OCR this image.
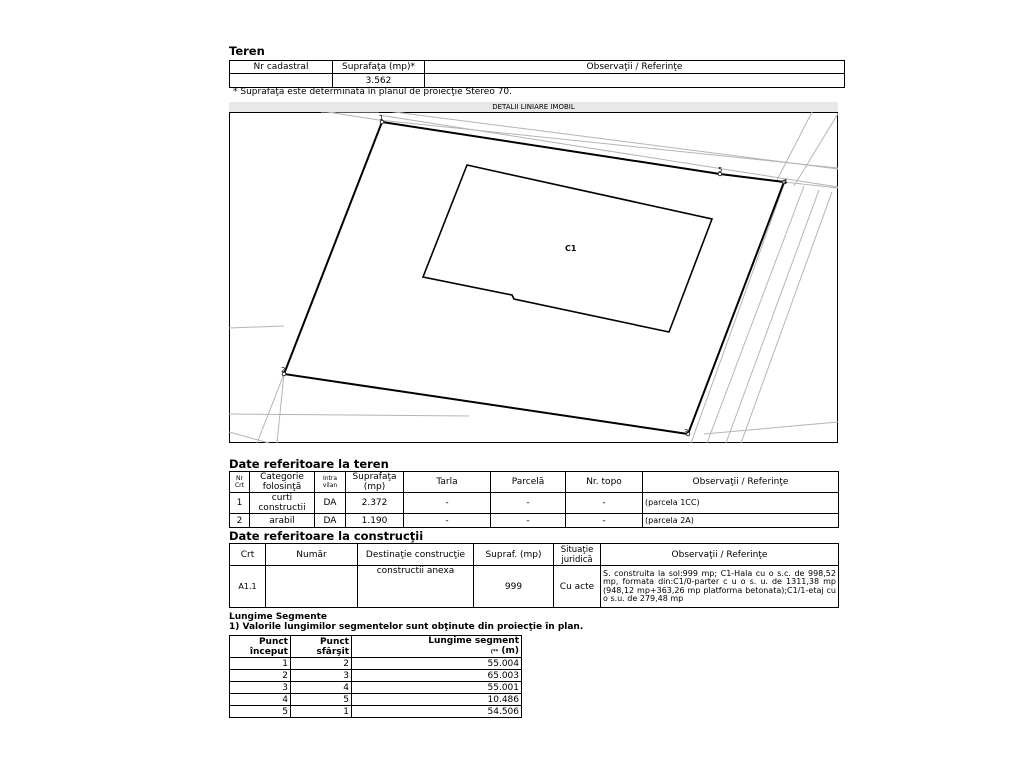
Teren
Nr cadastral	Suprafaţa (mp)*	Observaţii / Referinţe
	3.562	
* Suprafaţa este determinată în planul de proiecţie Stereo 70.
DETALII LINIARE IMOBIL
C1
1
2
3
4
5
Date referitoare la teren
Nr Crt	Categorie folosinţă	Intra vilan	Suprafaţa (mp)	Tarla	Parcelă	Nr. topo	Observaţii / Referinţe
1	curti constructii	DA	2.372	-	-	-	(parcela 1CC)
2	arabil	DA	1.190	-	-	-	(parcela 2A)
Date referitoare la construcţii
Crt	Număr	Destinaţie construcţie	Supraf. (mp)	Situaţie juridică	Observaţii / Referinţe
A1.1		constructii anexa	999	Cu acte	S. construita la sol:999 mp; C1-Hala cu o s.c. de 998,52 mp, formata din:C1/0-parter c u o s. u. de 1311,38 mp (948,12 mp+363,26 mp platforma betonata);C1/1-etaj cu o s.u. de 279,48 mp
Lungime Segmente
1) Valorile lungimilor segmentelor sunt obţinute din proiecţie în plan.
Punct început	Punct sfârşit	Lungime segment
(** (m)

1	2	55.004
2	3	65.003
3	4	55.001
4	5	10.486
5	1	54.506
